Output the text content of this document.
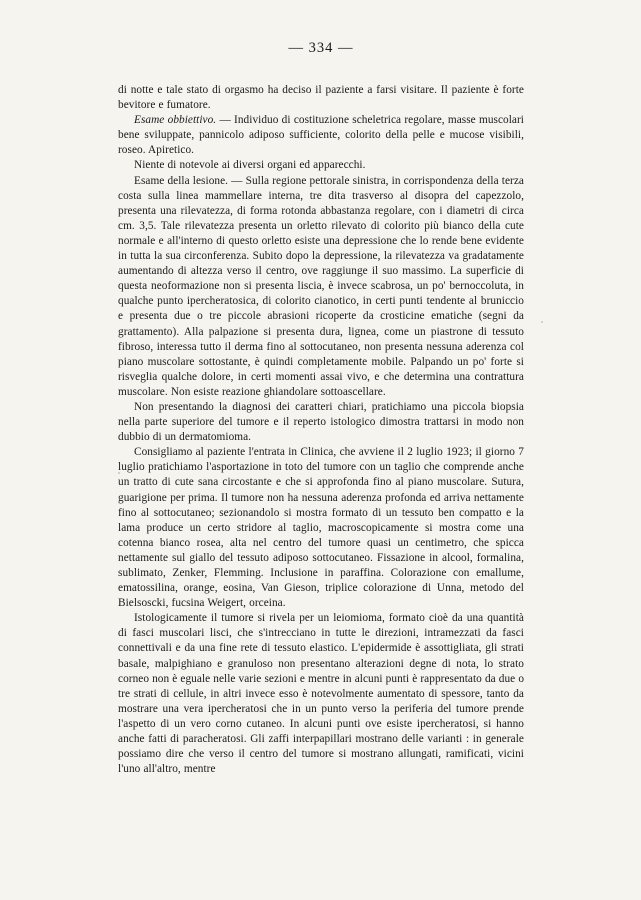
— 334 —

di notte e tale stato di orgasmo ha deciso il paziente a farsi visitare. Il paziente è forte bevitore e fumatore.

Esame obbiettivo. — Individuo di costituzione scheletrica regolare, masse muscolari bene sviluppate, pannicolo adiposo sufficiente, colorito della pelle e mucose visibili, roseo. Apiretico.

Niente di notevole ai diversi organi ed apparecchi.

Esame della lesione. — Sulla regione pettorale sinistra, in corrispondenza della terza costa sulla linea mammellare interna, tre dita trasverso al disopra del capezzolo, presenta una rilevatezza, di forma rotonda abbastanza regolare, con i diametri di circa cm. 3,5. Tale rilevatezza presenta un orletto rilevato di colorito più bianco della cute normale e all'interno di questo orletto esiste una depressione che lo rende bene evidente in tutta la sua circonferenza. Subito dopo la depressione, la rilevatezza va gradatamente aumentando di altezza verso il centro, ove raggiunge il suo massimo. La superficie di questa neoformazione non si presenta liscia, è invece scabrosa, un po' bernoccoluta, in qualche punto ipercheratosica, di colorito cianotico, in certi punti tendente al bruniccio e presenta due o tre piccole abrasioni ricoperte da crosticine ematiche (segni da grattamento). Alla palpazione si presenta dura, lignea, come un piastrone di tessuto fibroso, interessa tutto il derma fino al sottocutaneo, non presenta nessuna aderenza col piano muscolare sottostante, è quindi completamente mobile. Palpando un po' forte si risveglia qualche dolore, in certi momenti assai vivo, e che determina una contrattura muscolare. Non esiste reazione ghiandolare sottoascellare.

Non presentando la diagnosi dei caratteri chiari, pratichiamo una piccola biopsia nella parte superiore del tumore e il reperto istologico dimostra trattarsi in modo non dubbio di un dermatomioma.

Consigliamo al paziente l'entrata in Clinica, che avviene il 2 luglio 1923; il giorno 7 luglio pratichiamo l'asportazione in toto del tumore con un taglio che comprende anche un tratto di cute sana circostante e che si approfonda fino al piano muscolare. Sutura, guarigione per prima. Il tumore non ha nessuna aderenza profonda ed arriva nettamente fino al sottocutaneo; sezionandolo si mostra formato di un tessuto ben compatto e la lama produce un certo stridore al taglio, macroscopicamente si mostra come una cotenna bianco rosea, alta nel centro del tumore quasi un centimetro, che spicca nettamente sul giallo del tessuto adiposo sottocutaneo. Fissazione in alcool, formalina, sublimato, Zenker, Flemming. Inclusione in paraffina. Colorazione con emallume, ematossilina, orange, eosina, Van Gieson, triplice colorazione di Unna, metodo del Bielsoscki, fucsina Weigert, orceina.

Istologicamente il tumore si rivela per un leiomioma, formato cioè da una quantità di fasci muscolari lisci, che s'intrecciano in tutte le direzioni, intramezzati da fasci connettivali e da una fine rete di tessuto elastico. L'epidermide è assottigliata, gli strati basale, malpighiano e granuloso non presentano alterazioni degne di nota, lo strato corneo non è eguale nelle varie sezioni e mentre in alcuni punti è rappresentato da due o tre strati di cellule, in altri invece esso è notevolmente aumentato di spessore, tanto da mostrare una vera ipercheratosi che in un punto verso la periferia del tumore prende l'aspetto di un vero corno cutaneo. In alcuni punti ove esiste ipercheratosi, si hanno anche fatti di paracheratosi. Gli zaffi interpapillari mostrano delle varianti : in generale possiamo dire che verso il centro del tumore si mostrano allungati, ramificati, vicini l'uno all'altro, mentre
